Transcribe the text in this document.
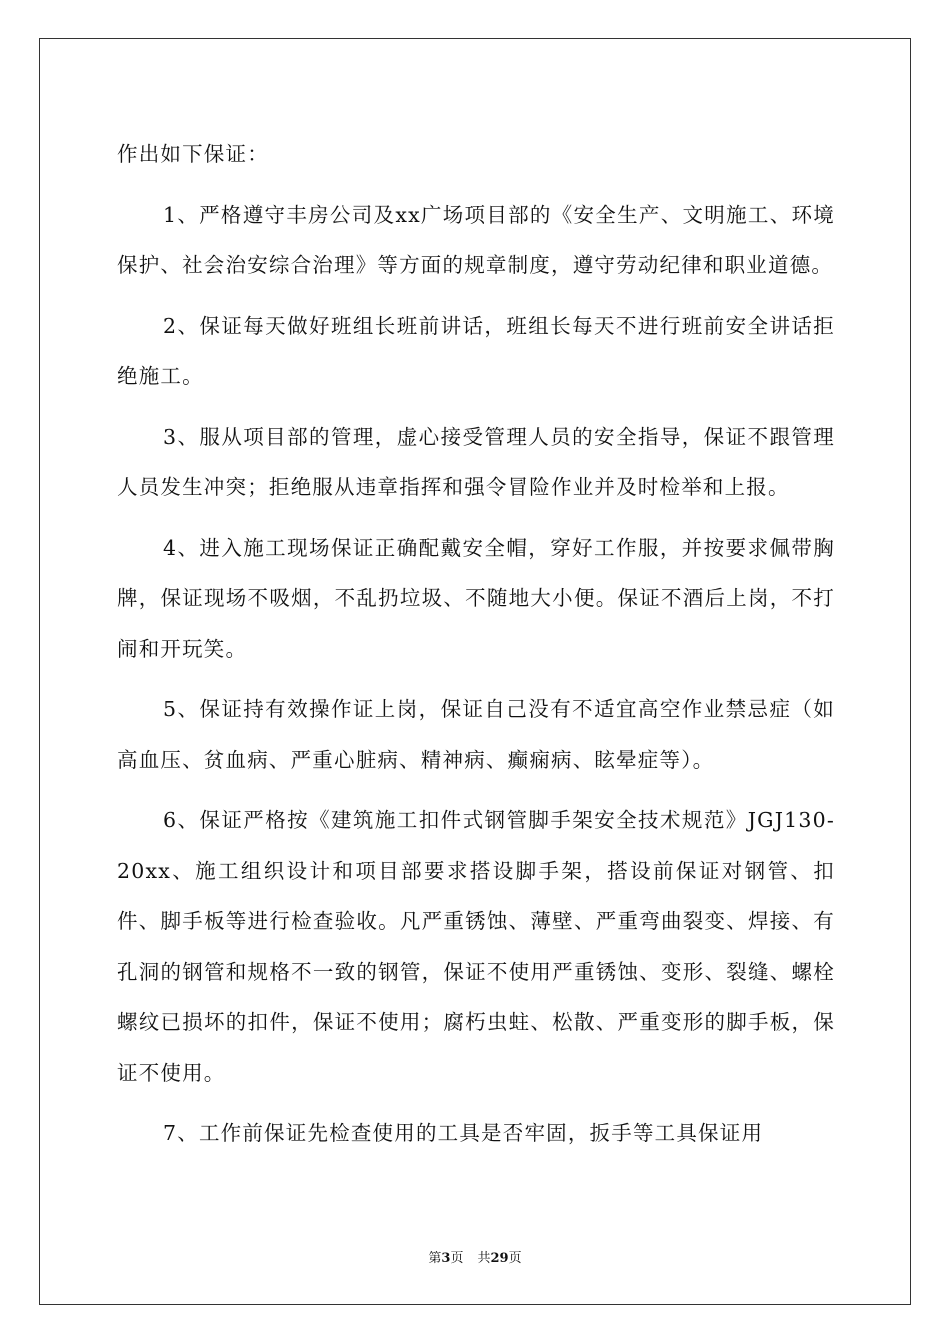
作出如下保证：

1、严格遵守丰房公司及xx广场项目部的《安全生产、文明施工、环境保护、社会治安综合治理》等方面的规章制度，遵守劳动纪律和职业道德。

2、保证每天做好班组长班前讲话，班组长每天不进行班前安全讲话拒绝施工。

3、服从项目部的管理，虚心接受管理人员的安全指导，保证不跟管理人员发生冲突；拒绝服从违章指挥和强令冒险作业并及时检举和上报。

4、进入施工现场保证正确配戴安全帽，穿好工作服，并按要求佩带胸牌，保证现场不吸烟，不乱扔垃圾、不随地大小便。保证不酒后上岗，不打闹和开玩笑。

5、保证持有效操作证上岗，保证自己没有不适宜高空作业禁忌症（如高血压、贫血病、严重心脏病、精神病、癫痫病、眩晕症等）。

6、保证严格按《建筑施工扣件式钢管脚手架安全技术规范》JGJ130-20xx、施工组织设计和项目部要求搭设脚手架，搭设前保证对钢管、扣件、脚手板等进行检查验收。凡严重锈蚀、薄壁、严重弯曲裂变、焊接、有孔洞的钢管和规格不一致的钢管，保证不使用严重锈蚀、变形、裂缝、螺栓螺纹已损坏的扣件，保证不使用；腐朽虫蛀、松散、严重变形的脚手板，保证不使用。

7、工作前保证先检查使用的工具是否牢固，扳手等工具保证用

第3页 共29页
